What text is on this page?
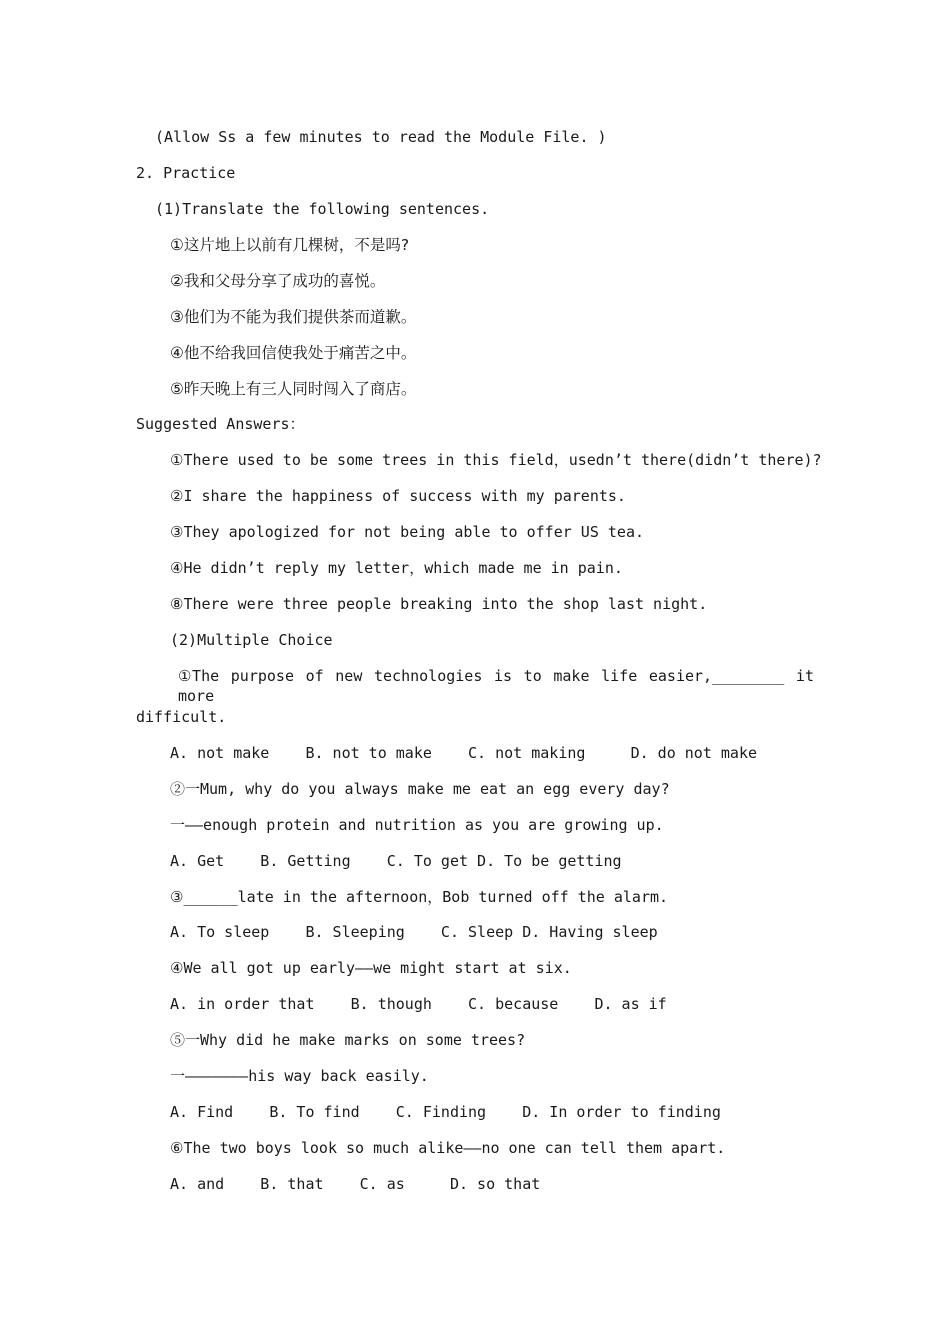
(Allow Ss a few minutes to read the Module File. )
2. Practice
(1)Translate the following sentences.
①这片地上以前有几棵树，不是吗?
②我和父母分享了成功的喜悦。
③他们为不能为我们提供茶而道歉。
④他不给我回信使我处于痛苦之中。
⑤昨天晚上有三人同时闯入了商店。
Suggested Answers：
①There used to be some trees in this field，usedn’t there(didn’t there)?
②I share the happiness of success with my parents.
③They apologized for not being able to offer US tea.
④He didn’t reply my letter，which made me in pain.
⑧There were three people breaking into the shop last night.
(2)Multiple Choice
①The purpose of new technologies is to make life easier,________ it more
difficult.
A. not make    B. not to make    C. not making     D. do not make
②一Mum, why do you always make me eat an egg every day?
一——enough protein and nutrition as you are growing up.
A. Get    B. Getting    C. To get D. To be getting
③______late in the afternoon，Bob turned off the alarm.
A. To sleep    B. Sleeping    C. Sleep D. Having sleep
④We all got up early——we might start at six.
A. in order that    B. though    C. because    D. as if
⑤一Why did he make marks on some trees?
一———————his way back easily.
A. Find    B. To find    C. Finding    D. In order to finding
⑥The two boys look so much alike——no one can tell them apart.
A. and    B. that    C. as     D. so that
